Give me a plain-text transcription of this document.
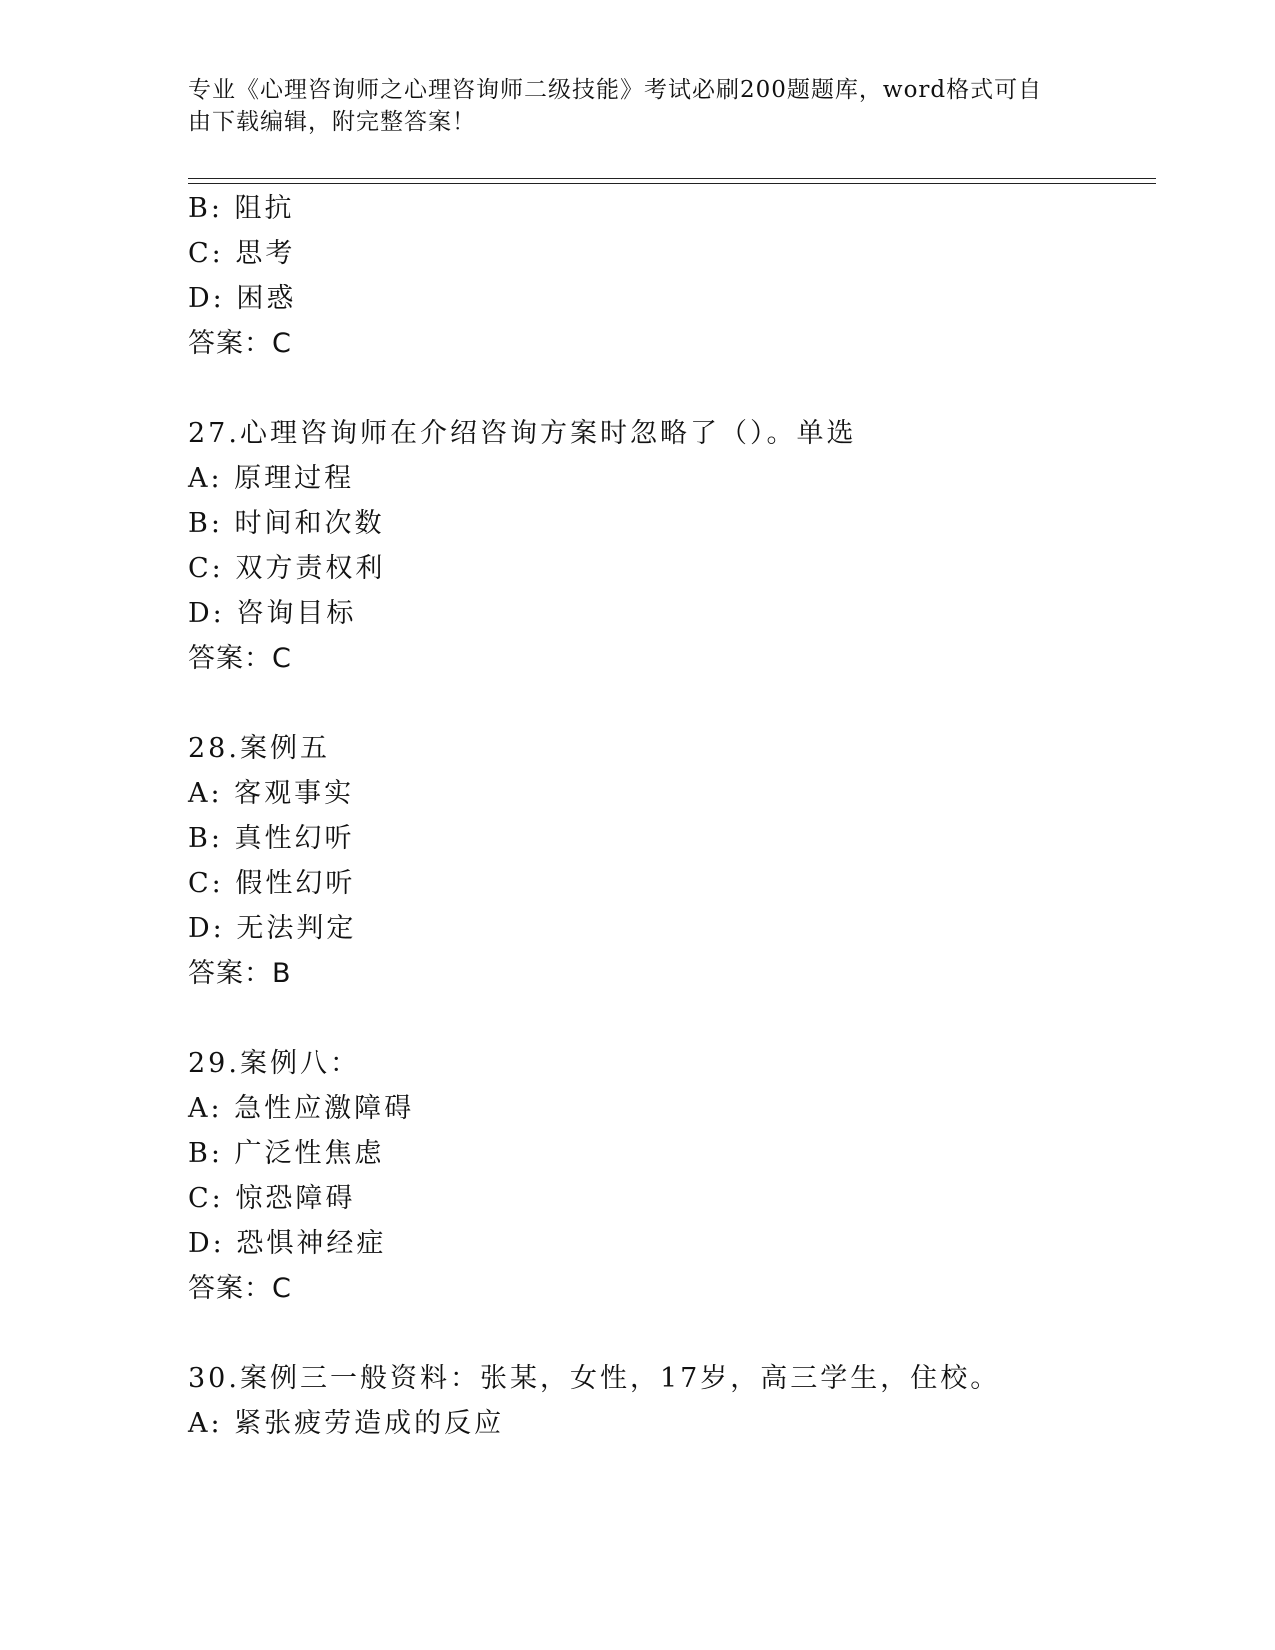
专业《心理咨询师之心理咨询师二级技能》考试必刷200题题库，word格式可自
由下载编辑，附完整答案！
B: 阻抗
C: 思考
D: 困惑
答案：C
27.心理咨询师在介绍咨询方案时忽略了（）。单选
A: 原理过程
B: 时间和次数
C: 双方责权利
D: 咨询目标
答案：C
28.案例五
A: 客观事实
B: 真性幻听
C: 假性幻听
D: 无法判定
答案：B
29.案例八：
A: 急性应激障碍
B: 广泛性焦虑
C: 惊恐障碍
D: 恐惧神经症
答案：C
30.案例三一般资料：张某，女性，17岁，高三学生，住校。
A: 紧张疲劳造成的反应
